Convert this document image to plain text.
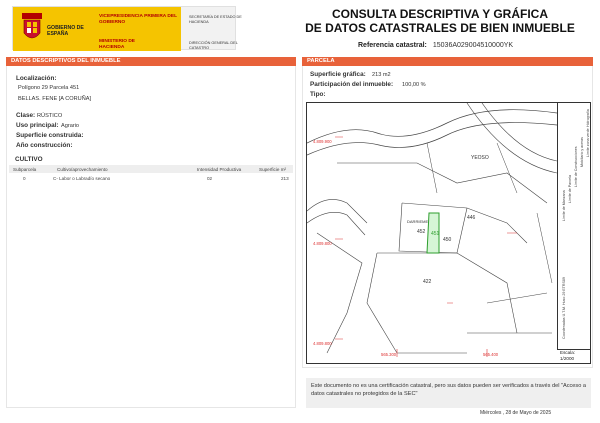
GOBIERNO DE ESPAÑA
VICEPRESIDENCIA PRIMERA DEL GOBIERNO
MINISTERIO DE HACIENDA
SECRETARÍA DE ESTADO DE HACIENDA
DIRECCIÓN GENERAL DEL CATASTRO
CONSULTA DESCRIPTIVA Y GRÁFICA
DE DATOS CATASTRALES DE BIEN INMUEBLE
Referencia catastral: 15036A029004510000YK
DATOS DESCRIPTIVOS DEL INMUEBLE
Localización:
Polígono 29 Parcela 451
BELLAS. FENE [A CORUÑA]
Clase: RÚSTICO
Uso principal: Agrario
Superficie construida:
Año construcción:
CULTIVO
Subparcela	Cultivo/aprovechamiento	Intensidad Productiva	Superficie m²
0	C- Labor o Labradío secano	02	213
PARCELA
Superficie gráfica: 213 m2
Participación del inmueble: 100,00 %
Tipo:
4.809.900
4.809.800
4.809.800
565.300	565.400
YEOSO
446
452 451
450
DARRIEME
422
Límite de Manzana
Límite de Parcela
Límite de Construcciones Mobiliario y aceras Límite zona verde
Hidrografía
Coordenadas U.T.M. Huso 29 ETRS89
Escala:
1/2000
Este documento no es una certificación catastral, pero sus datos pueden ser verificados a través del "Acceso a datos catastrales no protegidos de la SEC"
Miércoles , 28 de Mayo de 2025
